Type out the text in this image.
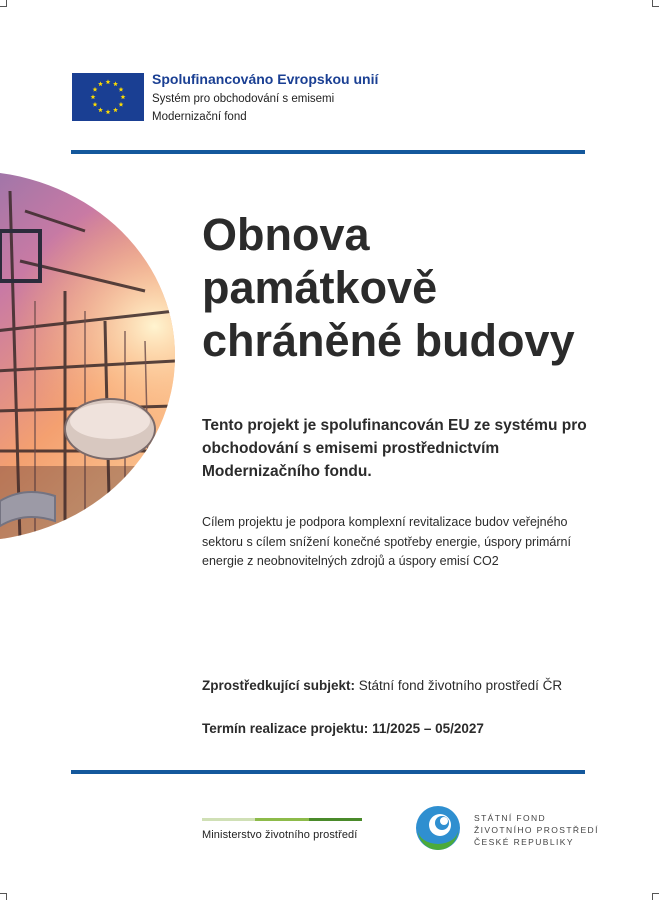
Spolufinancováno Evropskou unií
Systém pro obchodování s emisemi
Modernizační fond
Obnova
památkově
chráněné budovy
Tento projekt je spolufinancován EU ze systému pro obchodování s emisemi prostřednictvím Modernizačního fondu.
Cílem projektu je podpora komplexní revitalizace budov veřejného sektoru s cílem snížení konečné spotřeby energie, úspory primární energie z neobnovitelných zdrojů a úspory emisí CO2
Zprostředkující subjekt: Státní fond životního prostředí ČR
Termín realizace projektu: 11/2025 – 05/2027
Ministerstvo životního prostředí
STÁTNÍ FOND
ŽIVOTNÍHO PROSTŘEDÍ
ČESKÉ REPUBLIKY
